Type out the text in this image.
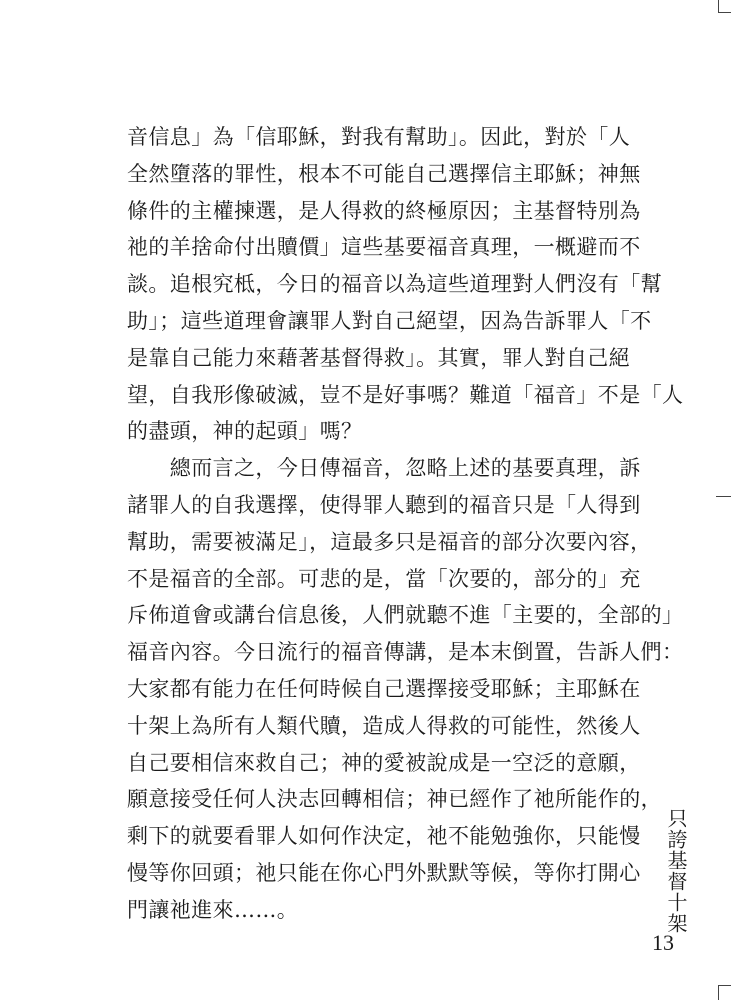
音信息」為「信耶穌，對我有幫助」。因此，對於「人
全然墮落的罪性，根本不可能自己選擇信主耶穌；神無
條件的主權揀選，是人得救的終極原因；主基督特別為
祂的羊捨命付出贖價」這些基要福音真理，一概避而不
談。追根究柢，今日的福音以為這些道理對人們沒有「幫
助」；這些道理會讓罪人對自己絕望，因為告訴罪人「不
是靠自己能力來藉著基督得救」。其實，罪人對自己絕
望，自我形像破滅，豈不是好事嗎？難道「福音」不是「人
的盡頭，神的起頭」嗎？
　　總而言之，今日傳福音，忽略上述的基要真理，訴
諸罪人的自我選擇，使得罪人聽到的福音只是「人得到
幫助，需要被滿足」，這最多只是福音的部分次要內容，
不是福音的全部。可悲的是，當「次要的，部分的」充
斥佈道會或講台信息後，人們就聽不進「主要的，全部的」
福音內容。今日流行的福音傳講，是本末倒置，告訴人們：
大家都有能力在任何時候自己選擇接受耶穌；主耶穌在
十架上為所有人類代贖，造成人得救的可能性，然後人
自己要相信來救自己；神的愛被說成是一空泛的意願，
願意接受任何人決志回轉相信；神已經作了祂所能作的，
剩下的就要看罪人如何作決定，祂不能勉強你，只能慢
慢等你回頭；祂只能在你心門外默默等候，等你打開心
門讓祂進來……。	只誇基督十架
13
